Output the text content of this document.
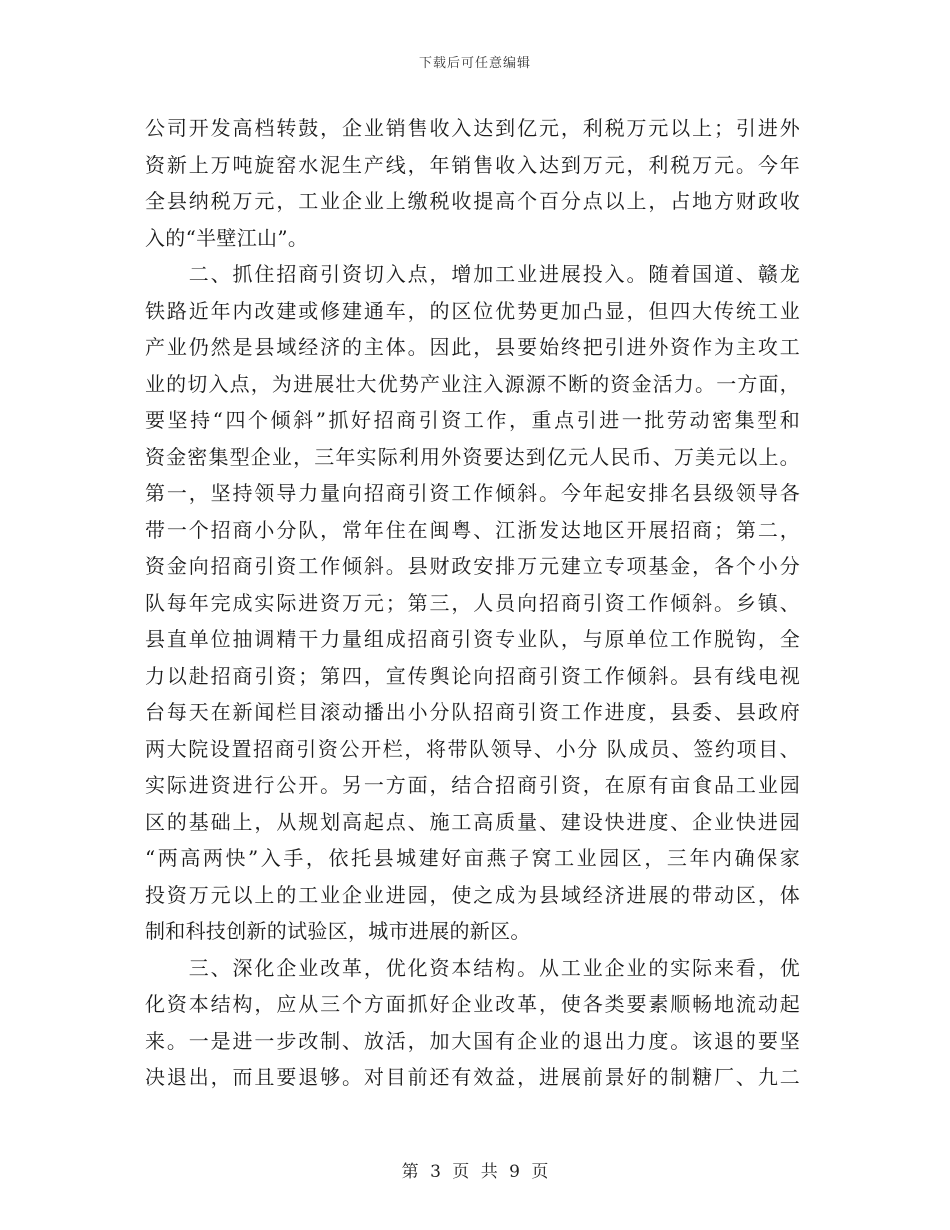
下载后可任意编辑
公司开发高档转鼓，企业销售收入达到亿元，利税万元以上；引进外
资新上万吨旋窑水泥生产线，年销售收入达到万元，利税万元。今年
全县纳税万元，工业企业上缴税收提高个百分点以上，占地方财政收
入的“半壁江山”。
　　二、抓住招商引资切入点，增加工业进展投入。随着国道、赣龙
铁路近年内改建或修建通车，的区位优势更加凸显，但四大传统工业
产业仍然是县域经济的主体。因此，县要始终把引进外资作为主攻工
业的切入点，为进展壮大优势产业注入源源不断的资金活力。一方面，
要坚持“四个倾斜”抓好招商引资工作，重点引进一批劳动密集型和
资金密集型企业，三年实际利用外资要达到亿元人民币、万美元以上。
第一，坚持领导力量向招商引资工作倾斜。今年起安排名县级领导各
带一个招商小分队，常年住在闽粤、江浙发达地区开展招商；第二，
资金向招商引资工作倾斜。县财政安排万元建立专项基金，各个小分
队每年完成实际进资万元；第三，人员向招商引资工作倾斜。乡镇、
县直单位抽调精干力量组成招商引资专业队，与原单位工作脱钩，全
力以赴招商引资；第四，宣传舆论向招商引资工作倾斜。县有线电视
台每天在新闻栏目滚动播出小分队招商引资工作进度，县委、县政府
两大院设置招商引资公开栏，将带队领导、小分 队成员、签约项目、
实际进资进行公开。另一方面，结合招商引资，在原有亩食品工业园
区的基础上，从规划高起点、施工高质量、建设快进度、企业快进园
“两高两快”入手，依托县城建好亩燕子窝工业园区，三年内确保家
投资万元以上的工业企业进园，使之成为县域经济进展的带动区，体
制和科技创新的试验区，城市进展的新区。
　　三、深化企业改革，优化资本结构。从工业企业的实际来看，优
化资本结构，应从三个方面抓好企业改革，使各类要素顺畅地流动起
来。一是进一步改制、放活，加大国有企业的退出力度。该退的要坚
决退出，而且要退够。对目前还有效益，进展前景好的制糖厂、九二
第 3 页 共 9 页
